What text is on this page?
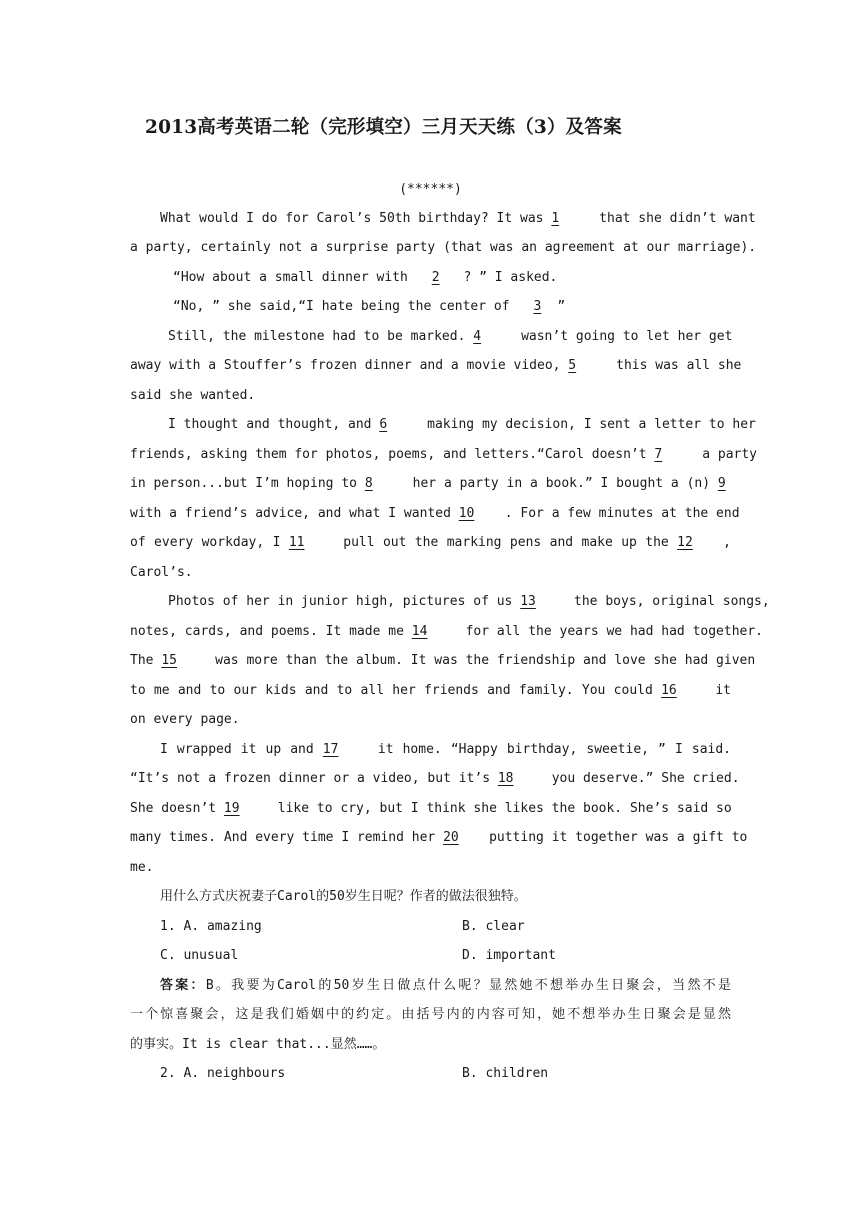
2013高考英语二轮（完形填空）三月天天练（3）及答案

(******)

What would I do for Carol’s 50th birthday? It was 1	that she didn’t want

a party, certainly not a surprise party (that was an agreement at our marriage).

“How about a small dinner with 2 ? ” I asked.

“No, ” she said,“I hate being the center of 3 ”

Still, the milestone had to be marked. 4	wasn’t going to let her get

away with a Stouffer’s frozen dinner and a movie video, 5	this was all she

said she wanted.

I thought and thought, and 6	making my decision, I sent a letter to her

friends, asking them for photos, poems, and letters.“Carol doesn’t 7	a party

in person...but I’m hoping to 8	her a party in a book.” I bought a (n) 9

with a friend’s advice, and what I wanted 10 . For a few minutes at the end

of every workday, I 11	pull out the marking pens and make up the 12 ,

Carol’s.

Photos of her in junior high, pictures of us 13	the boys, original songs,

notes, cards, and poems. It made me 14	for all the years we had had together.

The 15	was more than the album. It was the friendship and love she had given

to me and to our kids and to all her friends and family. You could 16	it

on every page.

I wrapped it up and 17	it home. “Happy birthday, sweetie, ” I said.

“It’s not a frozen dinner or a video, but it’s 18	you deserve.” She cried.

She doesn’t 19	like to cry, but I think she likes the book. She’s said so

many times. And every time I remind her 20 putting it together was a gift to

me.

用什么方式庆祝妻子Carol的50岁生日呢？作者的做法很独特。

1. A. amazing	B. clear

C. unusual	D. important

答案：B。我要为Carol的50岁生日做点什么呢？显然她不想举办生日聚会，当然不是

一个惊喜聚会，这是我们婚姻中的约定。由括号内的内容可知，她不想举办生日聚会是显然

的事实。It is clear that...显然……。

2. A. neighbours	B. children
